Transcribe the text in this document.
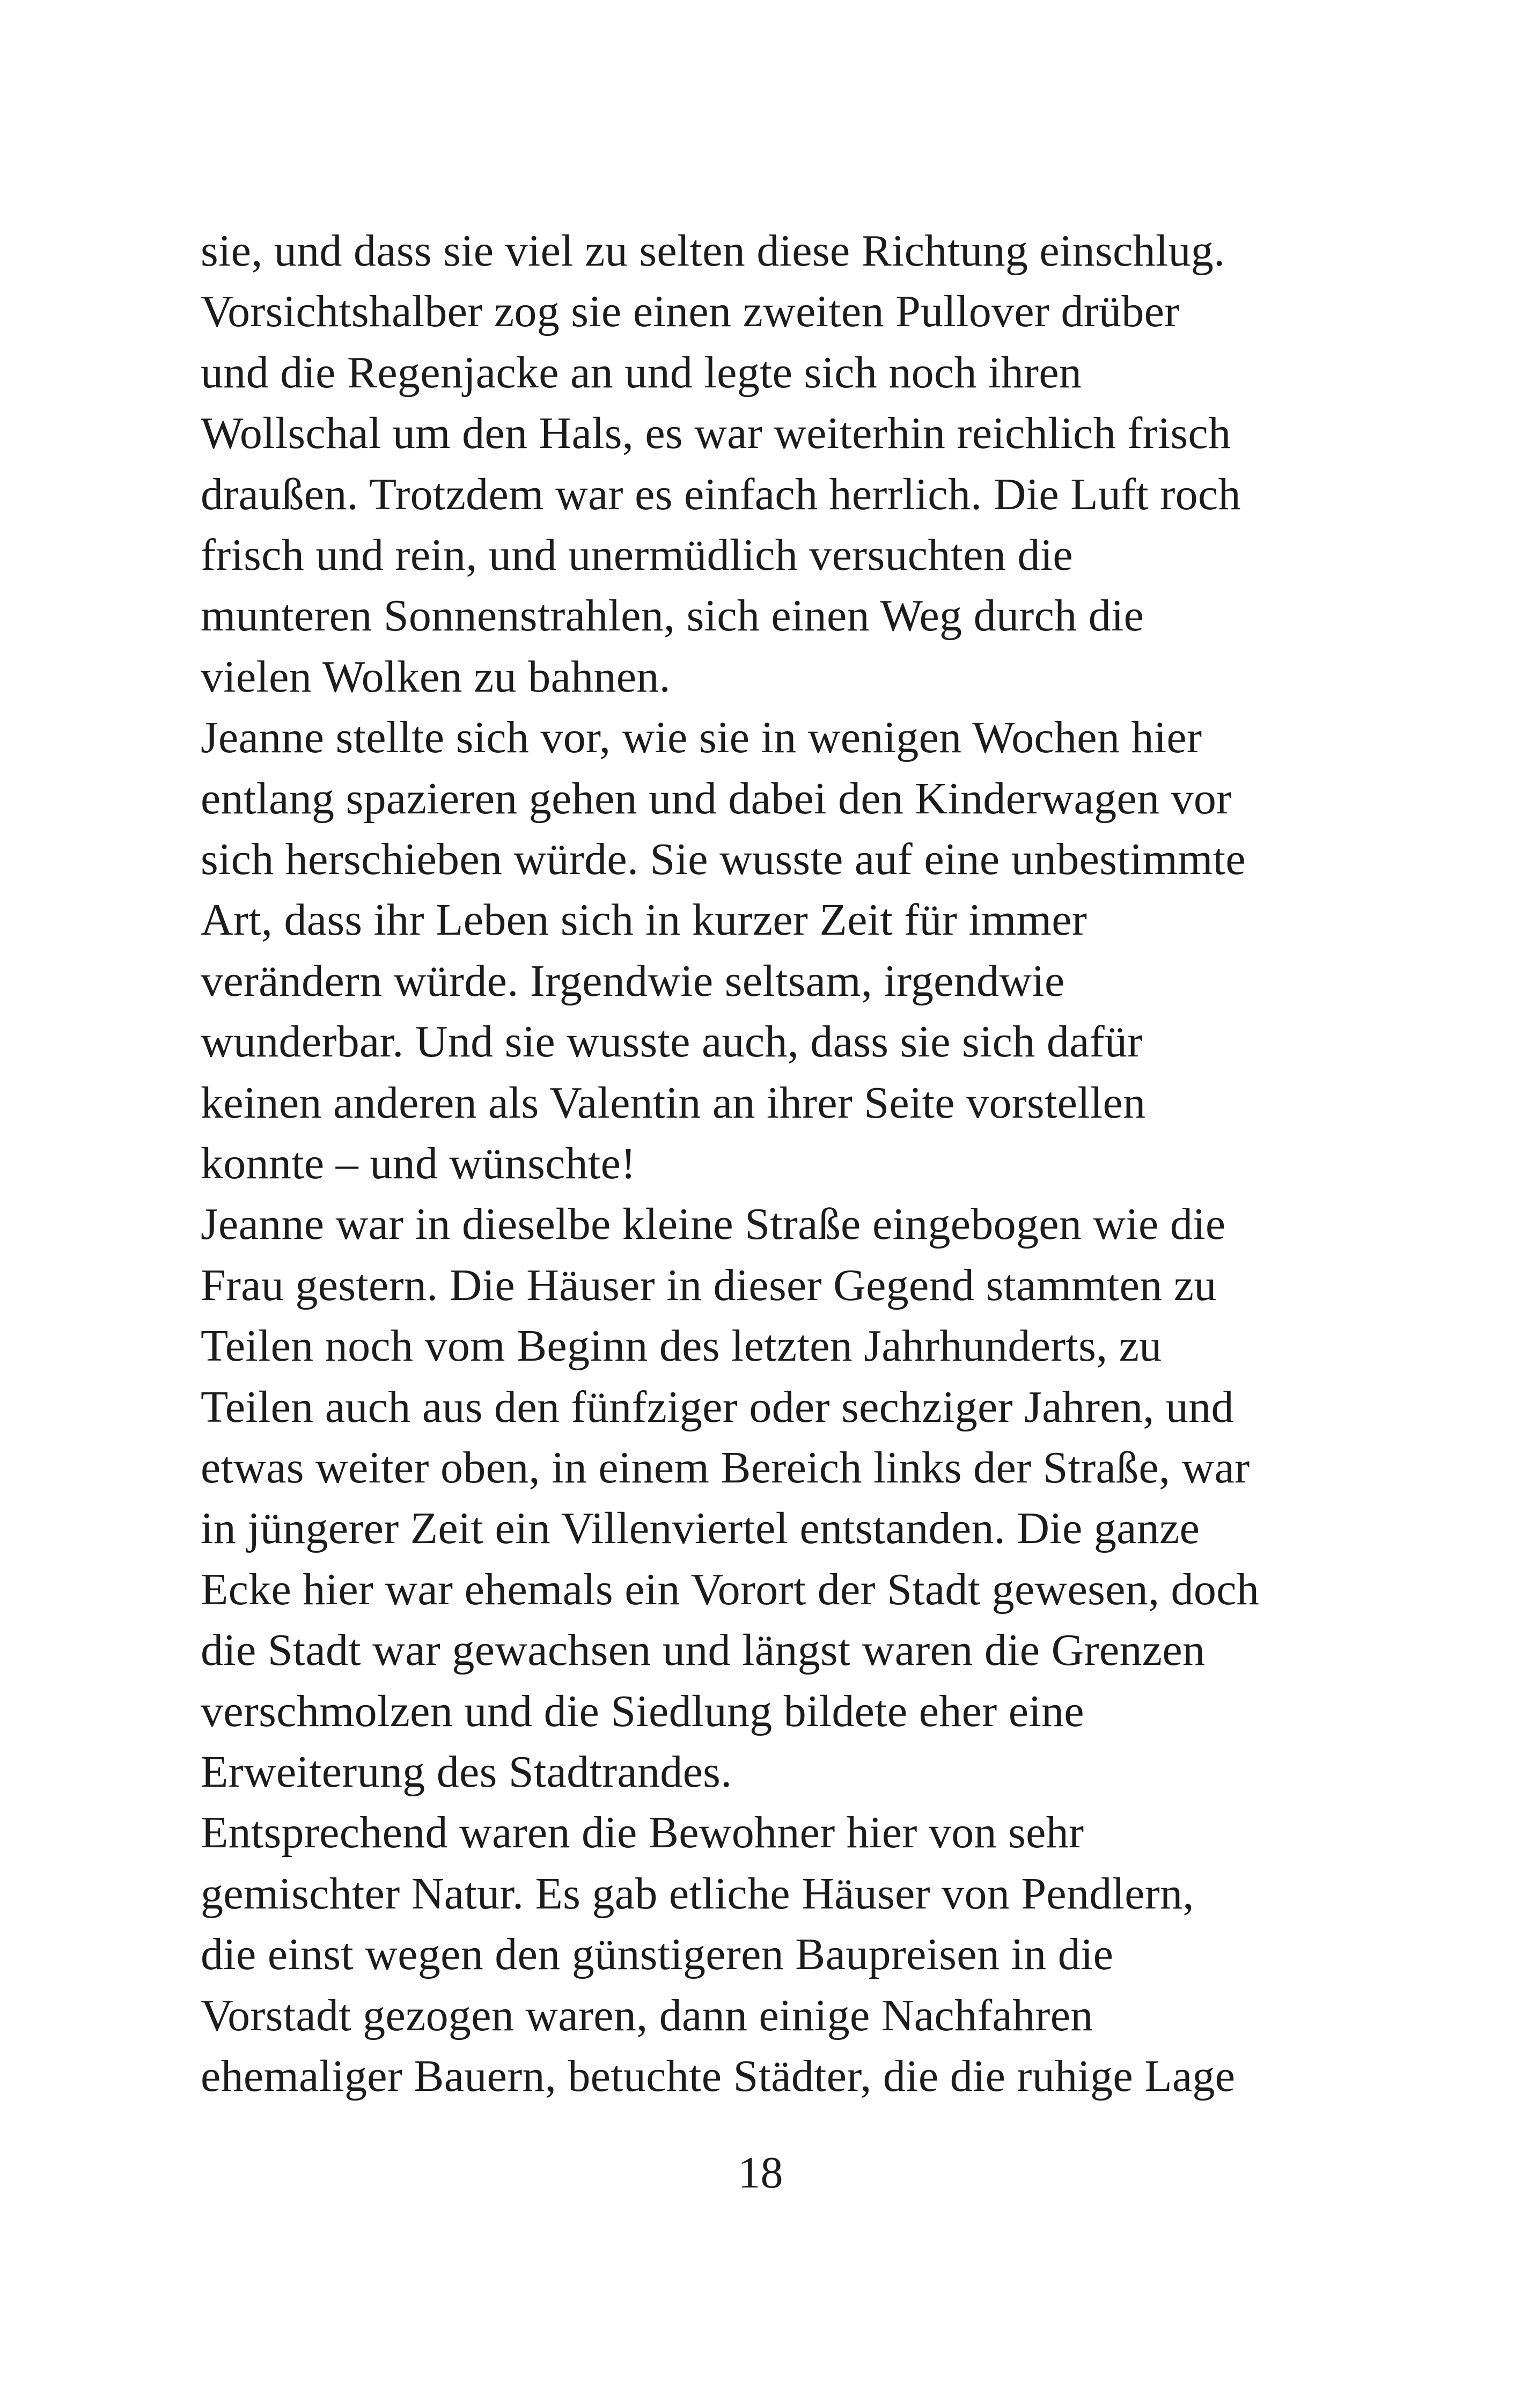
sie, und dass sie viel zu selten diese Richtung einschlug.
Vorsichtshalber zog sie einen zweiten Pullover drüber
und die Regenjacke an und legte sich noch ihren
Wollschal um den Hals, es war weiterhin reichlich frisch
draußen. Trotzdem war es einfach herrlich. Die Luft roch
frisch und rein, und unermüdlich versuchten die
munteren Sonnenstrahlen, sich einen Weg durch die
vielen Wolken zu bahnen.
Jeanne stellte sich vor, wie sie in wenigen Wochen hier
entlang spazieren gehen und dabei den Kinderwagen vor
sich herschieben würde. Sie wusste auf eine unbestimmte
Art, dass ihr Leben sich in kurzer Zeit für immer
verändern würde. Irgendwie seltsam, irgendwie
wunderbar. Und sie wusste auch, dass sie sich dafür
keinen anderen als Valentin an ihrer Seite vorstellen
konnte – und wünschte!
Jeanne war in dieselbe kleine Straße eingebogen wie die
Frau gestern. Die Häuser in dieser Gegend stammten zu
Teilen noch vom Beginn des letzten Jahrhunderts, zu
Teilen auch aus den fünfziger oder sechziger Jahren, und
etwas weiter oben, in einem Bereich links der Straße, war
in jüngerer Zeit ein Villenviertel entstanden. Die ganze
Ecke hier war ehemals ein Vorort der Stadt gewesen, doch
die Stadt war gewachsen und längst waren die Grenzen
verschmolzen und die Siedlung bildete eher eine
Erweiterung des Stadtrandes.
Entsprechend waren die Bewohner hier von sehr
gemischter Natur. Es gab etliche Häuser von Pendlern,
die einst wegen den günstigeren Baupreisen in die
Vorstadt gezogen waren, dann einige Nachfahren
ehemaliger Bauern, betuchte Städter, die die ruhige Lage
18
